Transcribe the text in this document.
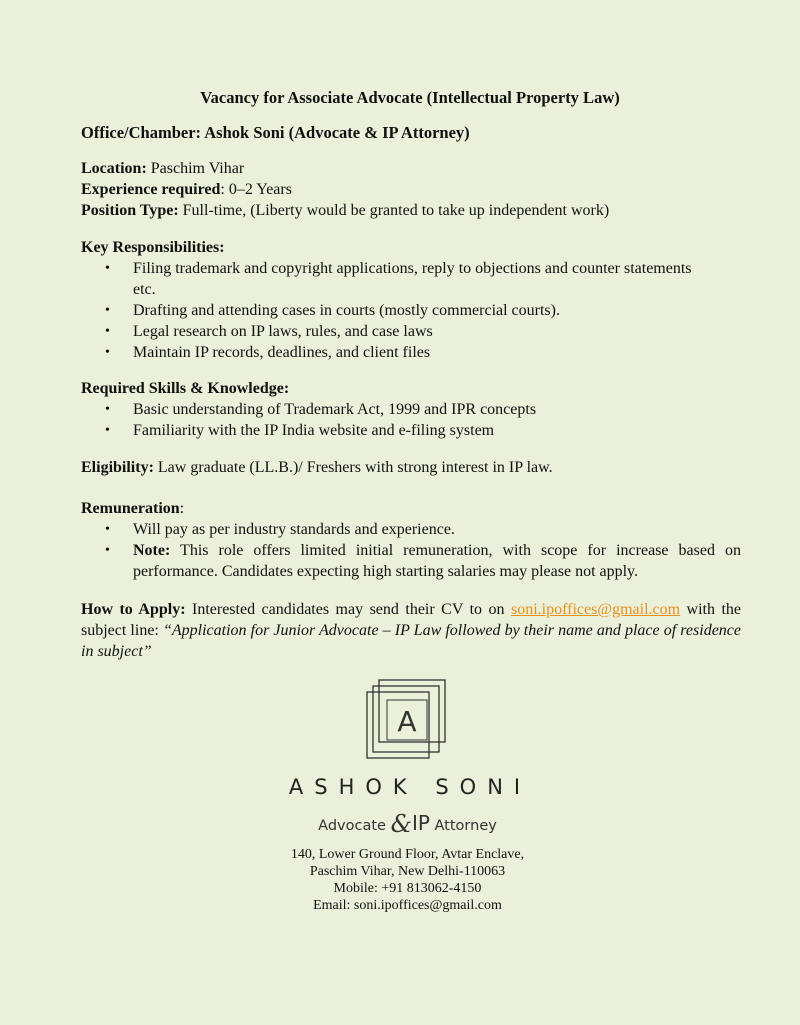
Vacancy for Associate Advocate (Intellectual Property Law)
Office/Chamber: Ashok Soni (Advocate & IP Attorney)
Location: Paschim Vihar
Experience required: 0–2 Years
Position Type: Full-time, (Liberty would be granted to take up independent work)
Key Responsibilities:
• Filing trademark and copyright applications, reply to objections and counter statements etc.
• Drafting and attending cases in courts (mostly commercial courts).
• Legal research on IP laws, rules, and case laws
• Maintain IP records, deadlines, and client files
Required Skills & Knowledge:
• Basic understanding of Trademark Act, 1999 and IPR concepts
• Familiarity with the IP India website and e-filing system
Eligibility: Law graduate (LL.B.)/ Freshers with strong interest in IP law.
Remuneration:
• Will pay as per industry standards and experience.
• Note: This role offers limited initial remuneration, with scope for increase based on performance. Candidates expecting high starting salaries may please not apply.
How to Apply: Interested candidates may send their CV to on soni.ipoffices@gmail.com with the subject line: “Application for Junior Advocate – IP Law followed by their name and place of residence in subject”
A
ASHOK SONI
Advocate &IP Attorney
140, Lower Ground Floor, Avtar Enclave,
Paschim Vihar, New Delhi-110063
Mobile: +91 813062-4150
Email: soni.ipoffices@gmail.com
